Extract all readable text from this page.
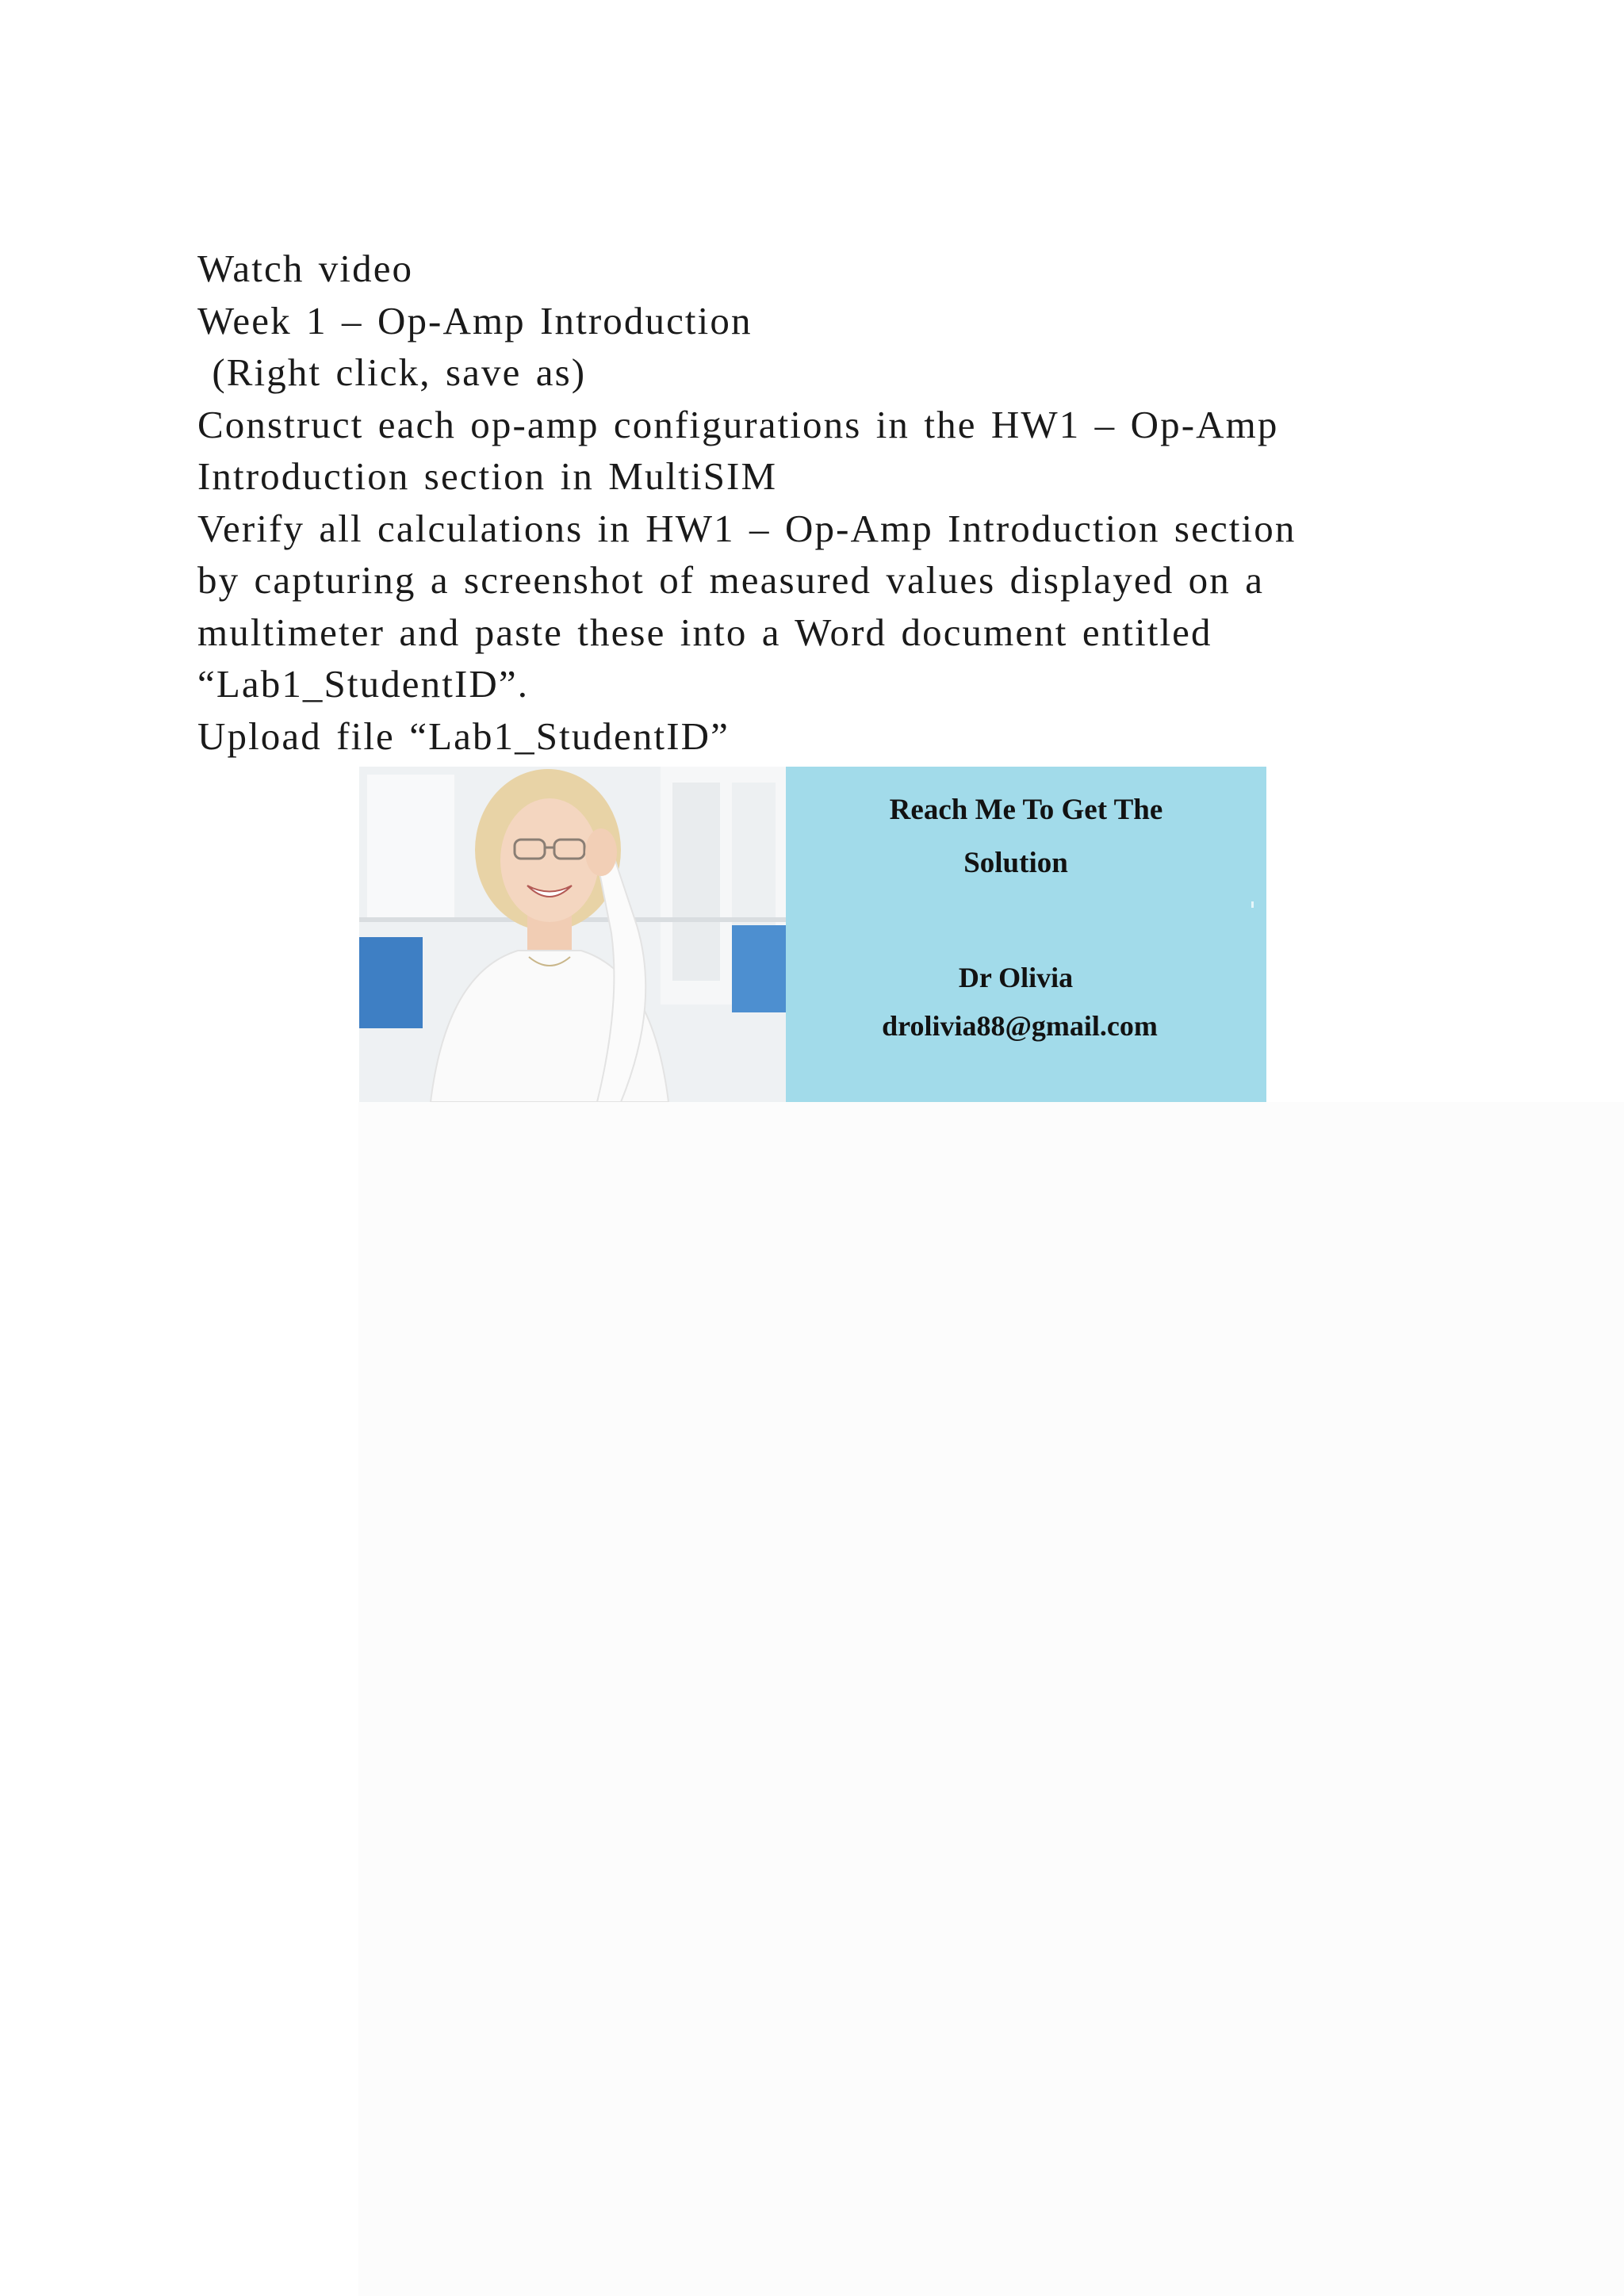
Watch video
Week 1 – Op-Amp Introduction
(Right click, save as)
Construct each op-amp configurations in the HW1 – Op-Amp
Introduction section in MultiSIM
Verify all calculations in HW1 – Op-Amp Introduction section
by capturing a screenshot of measured values displayed on a
multimeter and paste these into a Word document entitled
“Lab1_StudentID”.
Upload file “Lab1_StudentID”
Reach Me To Get The
Solution
Dr Olivia
drolivia88@gmail.com
